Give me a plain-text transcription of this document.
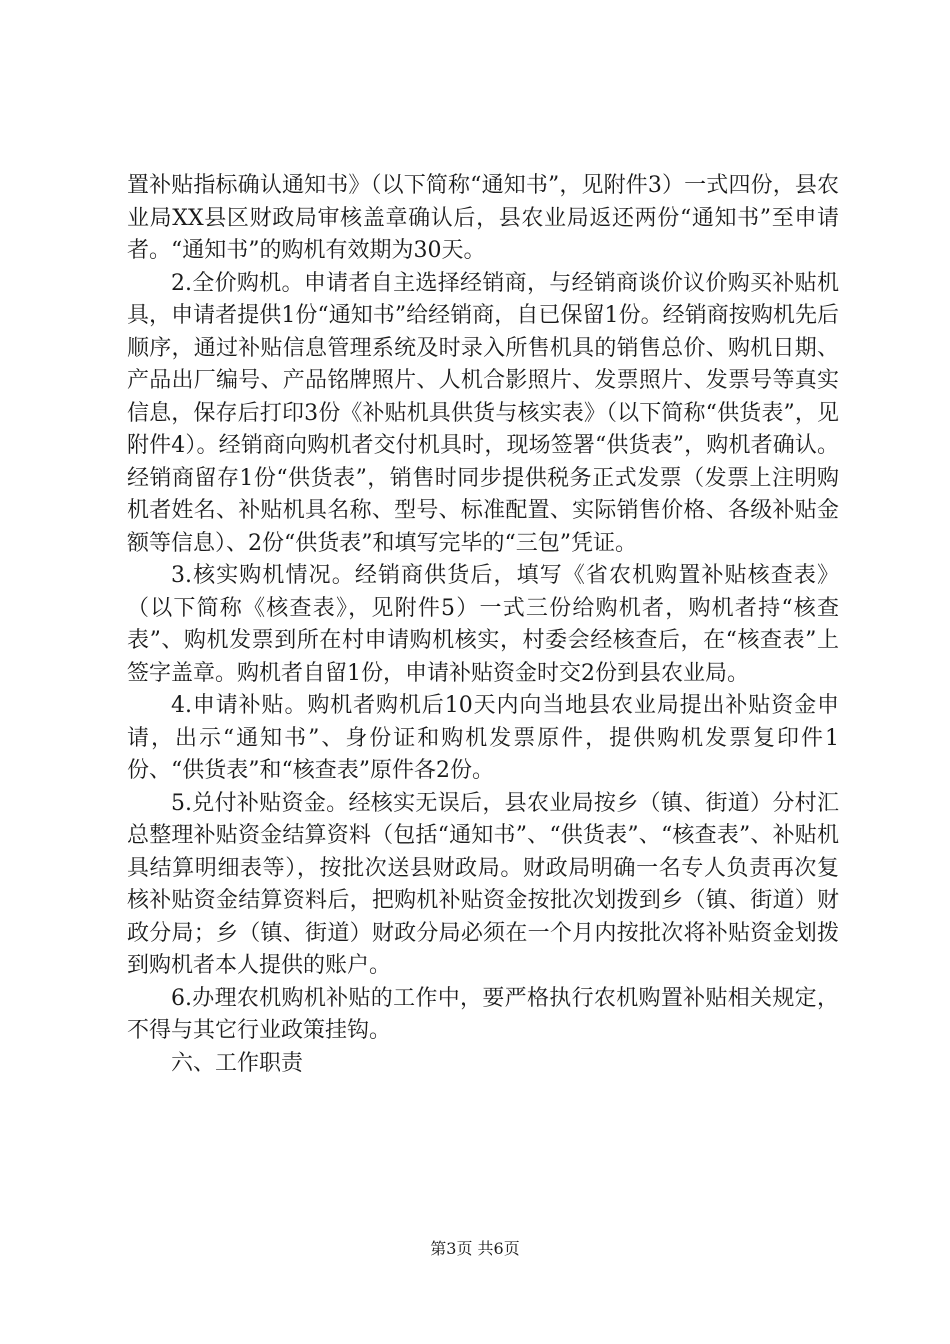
置补贴指标确认通知书》（以下简称“通知书”，见附件3）一式四份，县农业局XX县区财政局审核盖章确认后，县农业局返还两份“通知书”至申请者。“通知书”的购机有效期为30天。

2.全价购机。申请者自主选择经销商，与经销商谈价议价购买补贴机具，申请者提供1份“通知书”给经销商，自已保留1份。经销商按购机先后顺序，通过补贴信息管理系统及时录入所售机具的销售总价、购机日期、产品出厂编号、产品铭牌照片、人机合影照片、发票照片、发票号等真实信息，保存后打印3份《补贴机具供货与核实表》（以下简称“供货表”，见附件4）。经销商向购机者交付机具时，现场签署“供货表”，购机者确认。经销商留存1份“供货表”，销售时同步提供税务正式发票（发票上注明购机者姓名、补贴机具名称、型号、标准配置、实际销售价格、各级补贴金额等信息）、2份“供货表”和填写完毕的“三包”凭证。

3.核实购机情况。经销商供货后，填写《省农机购置补贴核查表》（以下简称《核查表》，见附件5）一式三份给购机者，购机者持“核查表”、购机发票到所在村申请购机核实，村委会经核查后，在“核查表”上签字盖章。购机者自留1份，申请补贴资金时交2份到县农业局。

4.申请补贴。购机者购机后10天内向当地县农业局提出补贴资金申请，出示“通知书”、身份证和购机发票原件，提供购机发票复印件1份、“供货表”和“核查表”原件各2份。

5.兑付补贴资金。经核实无误后，县农业局按乡（镇、街道）分村汇总整理补贴资金结算资料（包括“通知书”、“供货表”、“核查表”、补贴机具结算明细表等），按批次送县财政局。财政局明确一名专人负责再次复核补贴资金结算资料后，把购机补贴资金按批次划拨到乡（镇、街道）财政分局；乡（镇、街道）财政分局必须在一个月内按批次将补贴资金划拨到购机者本人提供的账户。

6.办理农机购机补贴的工作中，要严格执行农机购置补贴相关规定，不得与其它行业政策挂钩。

六、工作职责

第3页 共6页
